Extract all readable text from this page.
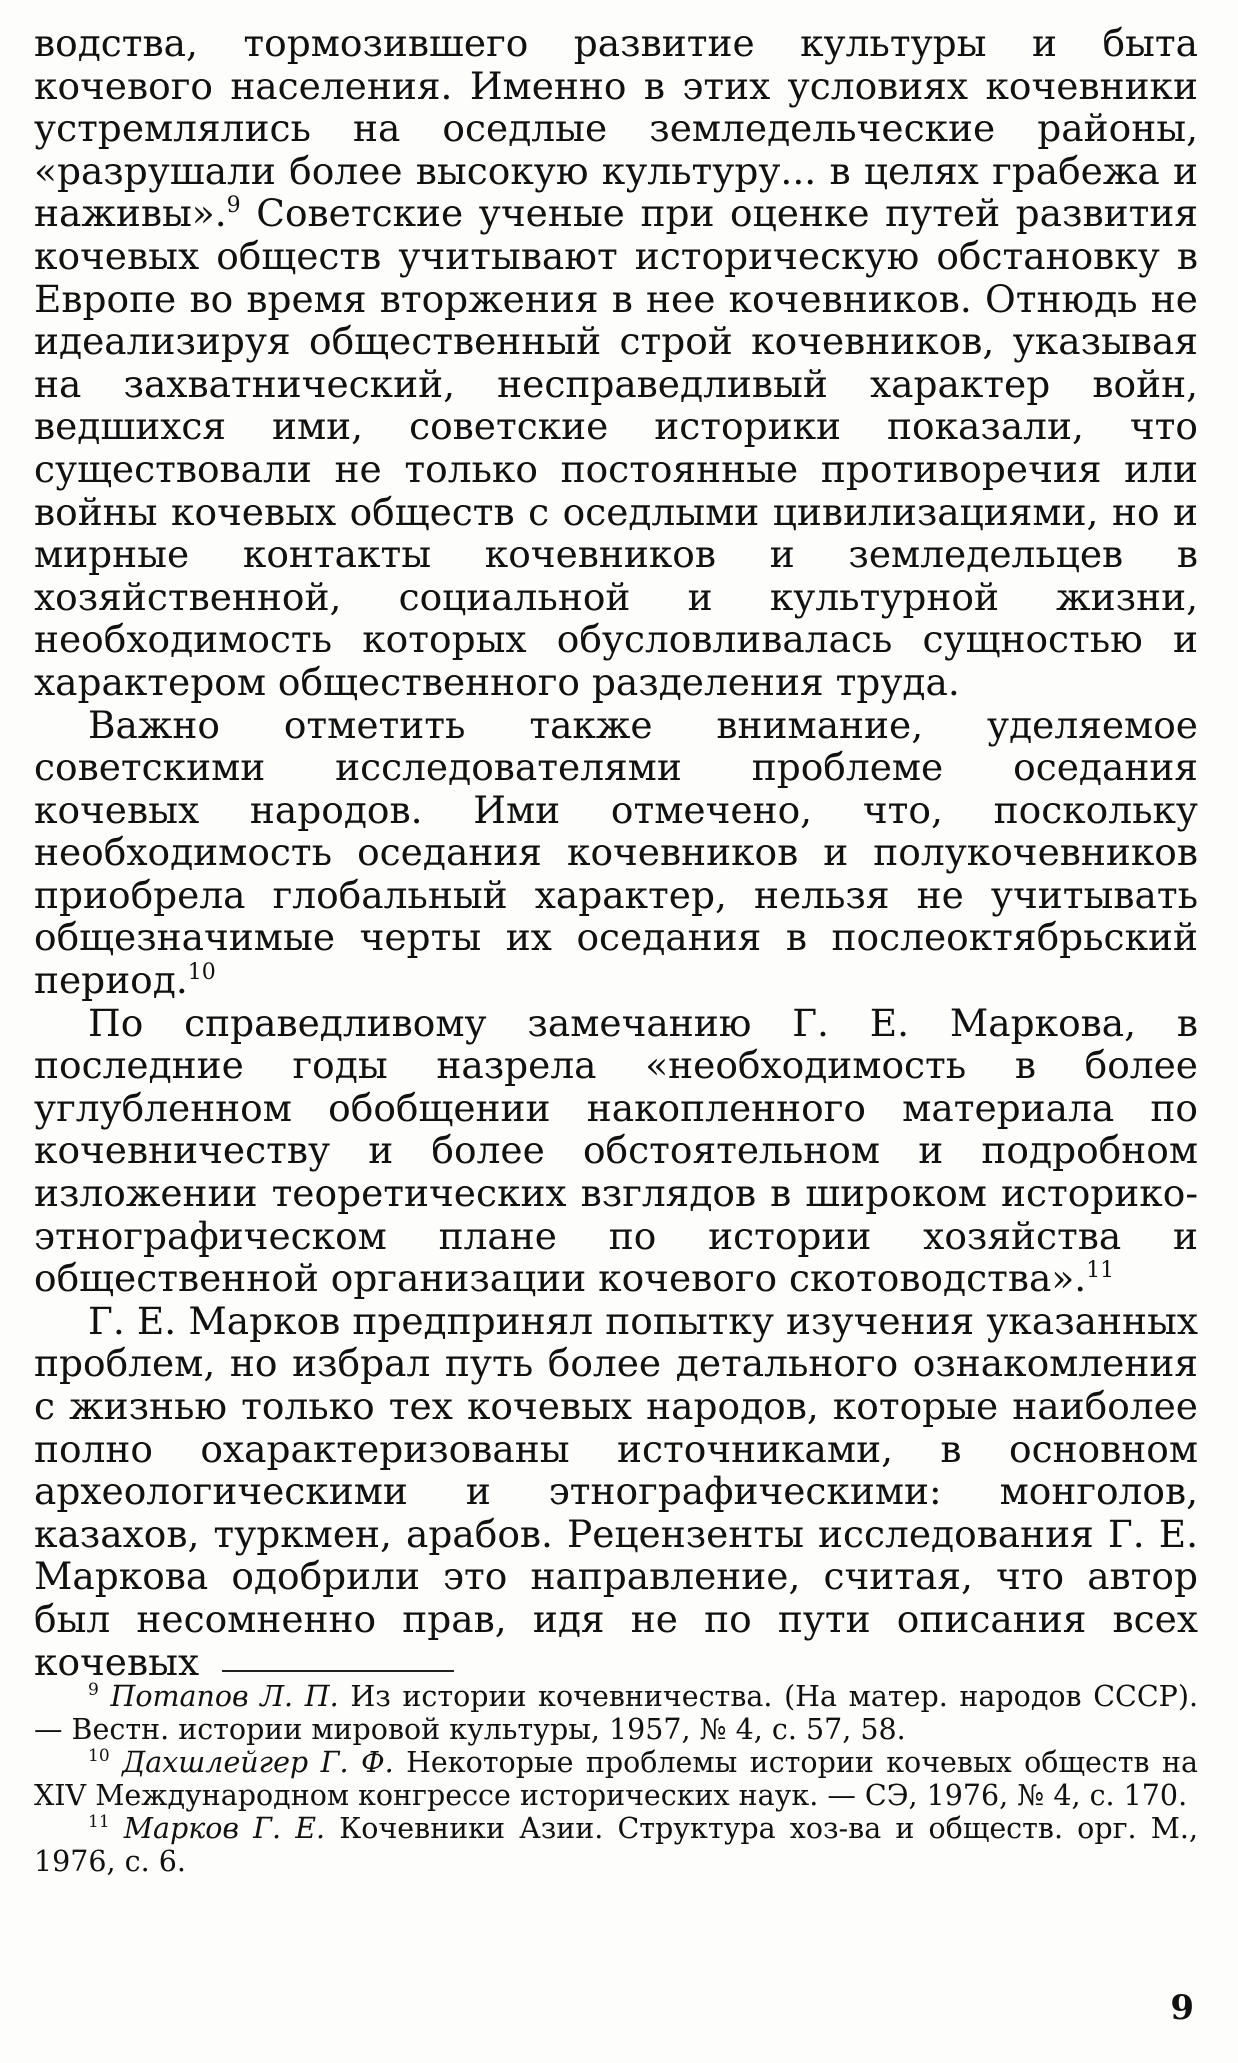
водства, тормозившего развитие культуры и быта кочевого населения. Именно в этих условиях кочевники устремлялись на оседлые земледельческие районы, «разрушали более высокую культуру... в целях грабежа и наживы».$^9$ Советские ученые при оценке путей развития кочевых обществ учитывают историческую обстановку в Европе во время вторжения в нее кочевников. Отнюдь не идеализируя общественный строй кочевников, указывая на захватнический, несправедливый характер войн, ведшихся ими, советские историки показали, что существовали не только постоянные противоречия или войны кочевых обществ с оседлыми цивилизациями, но и мирные контакты кочевников и земледельцев в хозяйственной, социальной и культурной жизни, необходимость которых обусловливалась сущностью и характером общественного разделения труда.

Важно отметить также внимание, уделяемое советскими исследователями проблеме оседания кочевых народов. Ими отмечено, что, поскольку необходимость оседания кочевников и полукочевников приобрела глобальный характер, нельзя не учитывать общезначимые черты их оседания в послеоктябрьский период.$^{10}$

По справедливому замечанию Г. Е. Маркова, в последние годы назрела «необходимость в более углубленном обобщении накопленного материала по кочевничеству и более обстоятельном и подробном изложении теоретических взглядов в широком историко-этнографическом плане по истории хозяйства и общественной организации кочевого скотоводства».$^{11}$

Г. Е. Марков предпринял попытку изучения указанных проблем, но избрал путь более детального ознакомления с жизнью только тех кочевых народов, которые наиболее полно охарактеризованы источниками, в основном археологическими и этнографическими: монголов, казахов, туркмен, арабов. Рецензенты исследования Г. Е. Маркова одобрили это направление, считая, что автор был несомненно прав, идя не по пути описания всех кочевых

$^9$ Потапов Л. П. Из истории кочевничества. (На матер. народов СССР). — Вестн. истории мировой культуры, 1957, № 4, с. 57, 58.

$^{10}$ Дахшлейгер Г. Ф. Некоторые проблемы истории кочевых обществ на XIV Международном конгрессе исторических наук. — СЭ, 1976, № 4, с. 170.

$^{11}$ Марков Г. Е. Кочевники Азии. Структура хоз-ва и обществ. орг. М., 1976, с. 6.

9
